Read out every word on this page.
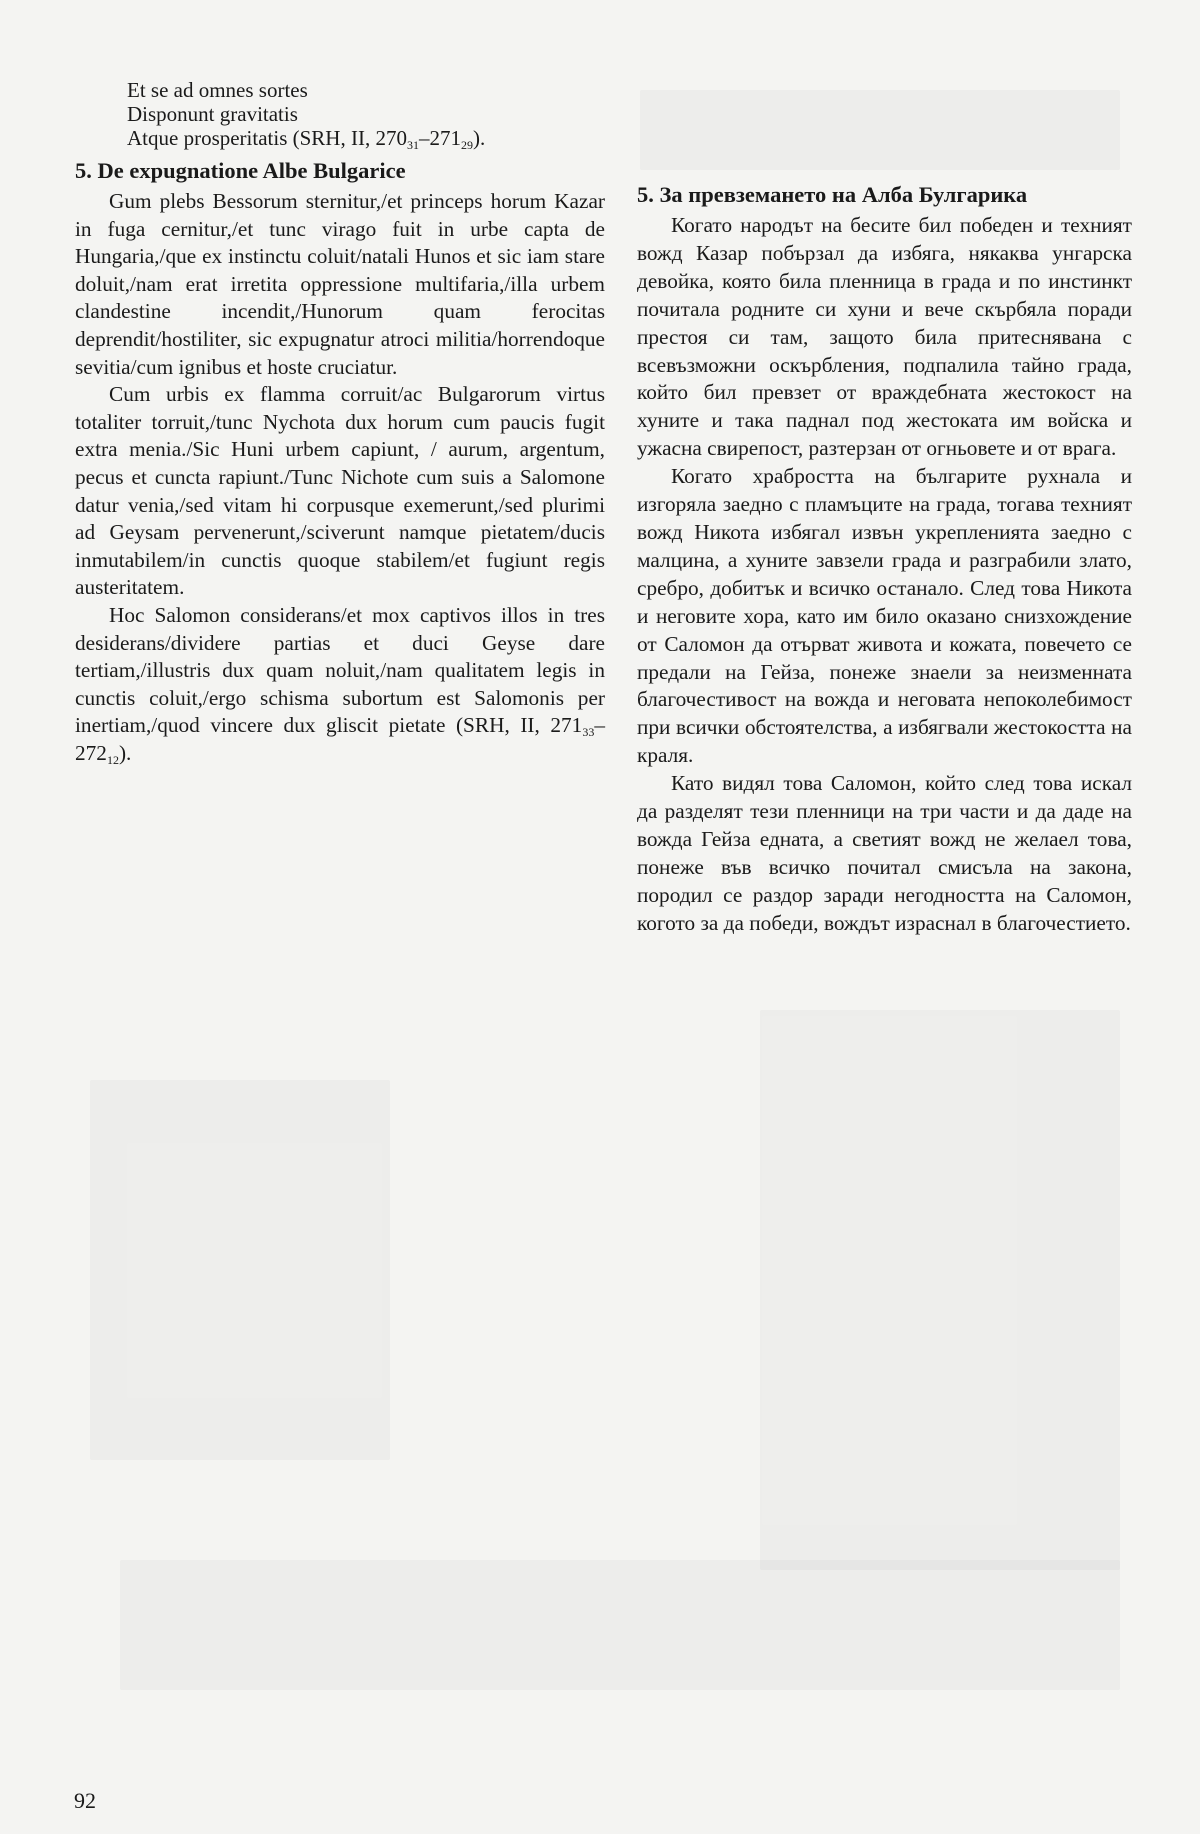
Et se ad omnes sortes
Disponunt gravitatis
Atque prosperitatis (SRH, II, $270_{31}-271_{29}$).
5. De expugnatione Albe Bulgarice

Gum plebs Bessorum sternitur,/et princeps horum Kazar in fuga cernitur,/et tunc virago fuit in urbe capta de Hungaria,/que ex instinctu coluit/natali Hunos et sic iam stare doluit,/nam erat irretita oppressione multifaria,/illa urbem clandestine incendit,/Hunorum quam ferocitas deprendit/hostiliter, sic expugnatur atroci militia/horrendoque sevitia/cum ignibus et hoste cruciatur.

Cum urbis ex flamma corruit/ac Bulgarorum virtus totaliter torruit,/tunc Nychota dux horum cum paucis fugit extra menia./Sic Huni urbem capiunt, / aurum, argentum, pecus et cuncta rapiunt./Tunc Nichote cum suis a Salomone datur venia,/sed vitam hi corpusque exemerunt,/sed plurimi ad Geysam pervenerunt,/sciverunt namque pietatem/ducis inmutabilem/in cunctis quoque stabilem/et fugiunt regis austeritatem.

Hoc Salomon considerans/et mox captivos illos in tres desiderans/dividere partias et duci Geyse dare tertiam,/illustris dux quam noluit,/nam qualitatem legis in cunctis coluit,/ergo schisma subortum est Salomonis per inertiam,/quod vincere dux gliscit pietate (SRH, II, $271_{33}-272_{12}$).

5. За превземането на Алба Булгарика

Когато народът на бесите бил победен и техният вожд Казар побързал да избяга, някаква унгарска девойка, която била пленница в града и по инстинкт почитала родните си хуни и вече скърбяла поради престоя си там, защото била притеснявана с всевъзможни оскърбления, подпалила тайно града, който бил превзет от враждебната жестокост на хуните и така паднал под жестоката им войска и ужасна свирепост, разтерзан от огньовете и от врага.

Когато храбростта на българите рухнала и изгоряла заедно с пламъците на града, тогава техният вожд Никота избягал извън укрепленията заедно с малцина, а хуните завзели града и разграбили злато, сребро, добитък и всичко останало. След това Никота и неговите хора, като им било оказано снизхождение от Саломон да отърват живота и кожата, повечето се предали на Гейза, понеже знаели за неизменната благочестивост на вожда и неговата непоколебимост при всички обстоятелства, а избягвали жестокостта на краля.

Като видял това Саломон, който след това искал да разделят тези пленници на три части и да даде на вожда Гейза едната, а светият вожд не желаел това, понеже във всичко почитал смисъла на закона, породил се раздор заради негодността на Саломон, когото за да победи, вождът израснал в благочестието.

92
